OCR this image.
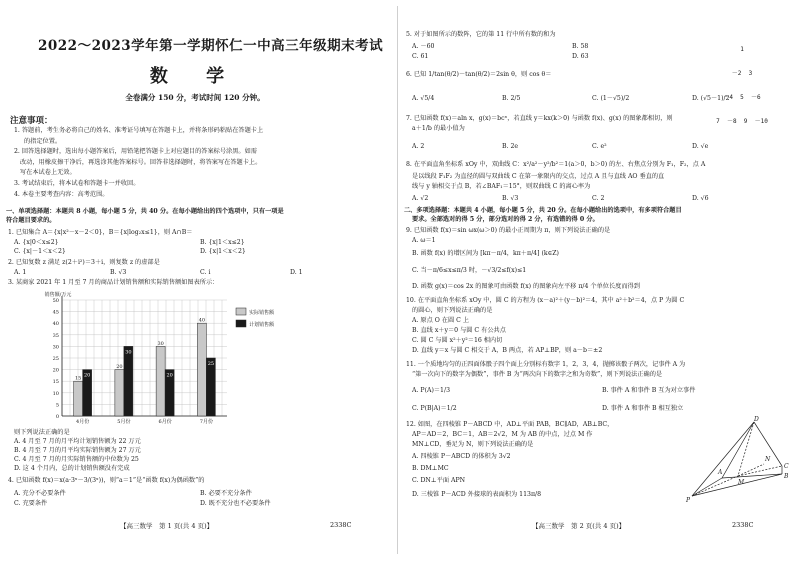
2022～2023学年第一学期怀仁一中高三年级期末考试
数 学
全卷满分 150 分，考试时间 120 分钟。
注意事项：

1. 答题前，考生务必将自己的姓名、准考证号填写在答题卡上，并将条形码粘贴在答题卡上

的指定位置。

2. 回答选择题时，选出每小题答案后，用铅笔把答题卡上对应题目的答案标号涂黑。如需

改动，用橡皮擦干净后，再选涂其他答案标号。回答非选择题时，将答案写在答题卡上。

写在本试卷上无效。

3. 考试结束后，将本试卷和答题卡一并收回。

4. 本卷主要考查内容：高考范围。

一、单项选择题：本题共 8 小题，每小题 5 分，共 40 分。在每小题给出的四个选项中，只有一项是
符合题目要求的。
1. 已知集合 A＝{x|x²－x－2＜0}，B＝{x|log₂x≤1}，则 A∩B＝
A. {x|0＜x≤2}	B. {x|1＜x≤2}
C. {x|－1＜x＜2}	D. {x|1＜x＜2}
2. 已知复数 z 满足 z(2＋i²)＝3＋i，则复数 z 的虚部是
A. 1	B. √3	C. i	D. 1
3. 某商家 2021 年 1 月至 7 月的商品计划销售额和实际销售额如图表所示：
0
5
10
15
20
25
30
35
40
45
50
销售额/万元
15
20
4月份
20
30
5月份
30
20
6月份
40
25
7月份
实际销售额
计划销售额
则下列说法正确的是
A. 4 月至 7 月的月平均计划销售额为 22 万元
B. 4 月至 7 月的月平均实际销售额为 27 万元
C. 4 月至 7 月的月实际销售额的中位数为 25
D. 这 4 个月内，总的计划销售额没有完成
4. 已知函数 f(x)＝x(a·3ˣ－3/(3ˣ))，则“a＝1”是“函数 f(x)为偶函数”的
A. 充分不必要条件	B. 必要不充分条件
C. 充要条件	D. 既不充分也不必要条件
【高三数学　第 1 页(共 4 页)】	2338C
5. 对于如图所示的数阵，它的第 11 行中所有数的和为
A. －60	B. 58
C. 61	D. 63

1

－2  3

－4  5  －6

7  －8  9  －10

6. 已知 1/tan(θ/2)－tan(θ/2)＝2sin θ，则 cos θ＝
A. √5/4	B. 2/5	C. (1－√5)/2	D. (√5－1)/2
7. 已知函数 f(x)＝aln x，g(x)＝bcˣ，若直线 y＝kx(k＞0) 与函数 f(x)、g(x) 的图象都相切，则
a＋1/b 的最小值为
A. 2	B. 2e	C. e²	D. √e
8. 在平面直角坐标系 xOy 中，双曲线 C：x²/a²－y²/b²＝1(a＞0，b＞0) 的左、右焦点分别为 F₁，F₂，点 A
是以线段 F₁F₂ 为直径的圆与双曲线 C 在第一象限内的交点，过点 A 且与直线 AO 垂直的直
线与 y 轴相交于点 B，若∠BAF₁＝15°，则双曲线 C 的离心率为
A. √2	B. √3	C. 2	D. √6
二、多项选择题：本题共 4 小题，每小题 5 分，共 20 分。在每小题给出的选项中，有多项符合题目
要求。全部选对的得 5 分，部分选对的得 2 分，有选错的得 0 分。
9. 已知函数 f(x)＝sin ωx(ω＞0) 的最小正周期为 π，则下列说法正确的是
A. ω＝1
B. 函数 f(x) 的增区间为 [kπ－π/4，kπ＋π/4] (k∈Z)
C. 当－π/6≤x≤π/3 时，－√3/2≤f(x)≤1
D. 函数 g(x)＝cos 2x 的图象可由函数 f(x) 的图象向左平移 π/4 个单位长度而得到
10. 在平面直角坐标系 xOy 中，圆 C 的方程为 (x－a)²＋(y－b)²＝4，其中 a²＋b²＝4，点 P 为圆 C
的圆心，则下列说法正确的是
A. 原点 O 在圆 C 上
B. 直线 x＋y＝0 与圆 C 有公共点
C. 圆 C 与圆 x²＋y²＝16 相内切
D. 直线 y＝x 与圆 C 相交于 A，B 两点，若 AP⊥BP，则 a－b＝±2
11. 一个质地均匀的正四面体骰子四个面上分别标有数字 1，2，3，4，抛掷该骰子两次，记事件 A 为
“第一次向下的数字为偶数”，事件 B 为“两次向下的数字之和为奇数”，则下列说法正确的是
A. P(A)＝1/3	B. 事件 A 和事件 B 互为对立事件
C. P(B|A)＝1/2	D. 事件 A 和事件 B 相互独立
12. 如图，在四棱锥 P－ABCD 中，AD⊥平面 PAB，BC∥AD，AB⊥BC，
AP＝AD＝2，BC＝1，AB＝2√2，M 为 AB 的中点，过点 M 作
MN⊥CD，垂足为 N，则下列说法正确的是
A. 四棱锥 P－ABCD 的体积为 3√2
B. DM⊥MC
C. DN⊥平面 APN
D. 三棱锥 P－ACD 外接球的表面积为 113π/8
D
A
N
C
M
B
P
【高三数学　第 2 页(共 4 页)】	2338C
